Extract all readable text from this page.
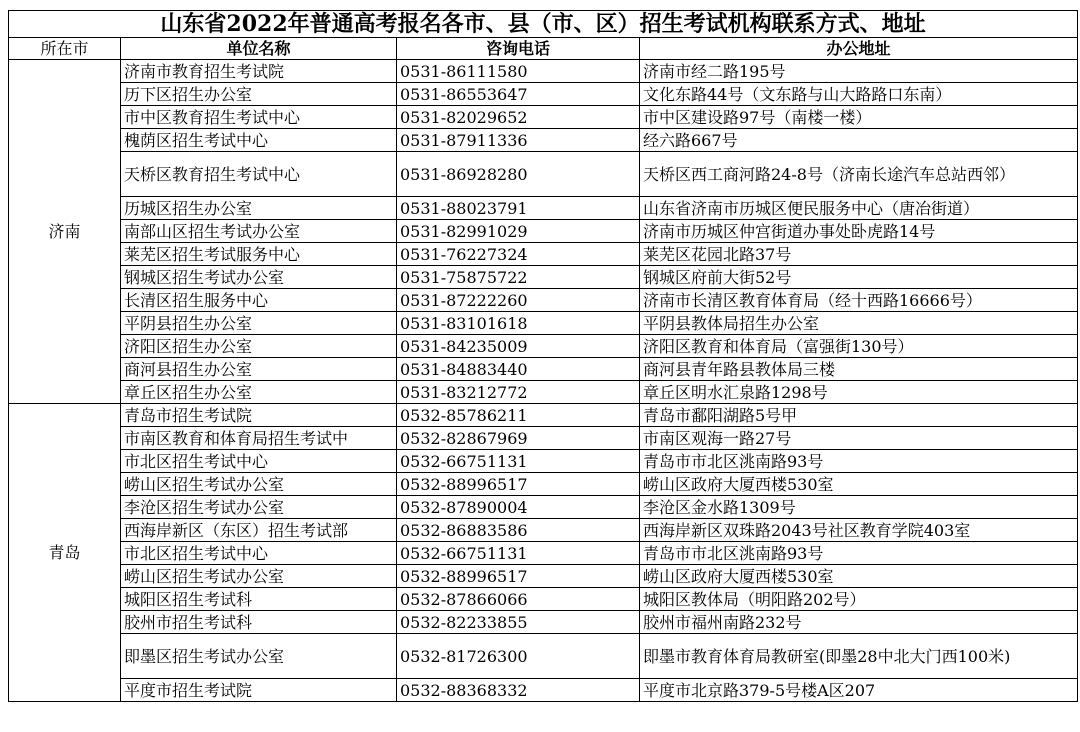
山东省2022年普通高考报名各市、县（市、区）招生考试机构联系方式、地址			
所在市	单位名称	咨询电话	办公地址
济南	济南市教育招生考试院	0531-86111580	济南市经二路195号
	历下区招生办公室	0531-86553647	文化东路44号（文东路与山大路路口东南）
	市中区教育招生考试中心	0531-82029652	市中区建设路97号（南楼一楼）
	槐荫区招生考试中心	0531-87911336	经六路667号
	天桥区教育招生考试中心	0531-86928280	天桥区西工商河路24-8号（济南长途汽车总站西邻）
	历城区招生办公室	0531-88023791	山东省济南市历城区便民服务中心（唐冶街道）
	南部山区招生考试办公室	0531-82991029	济南市历城区仲宫街道办事处卧虎路14号
	莱芜区招生考试服务中心	0531-76227324	莱芜区花园北路37号
	钢城区招生考试办公室	0531-75875722	钢城区府前大街52号
	长清区招生服务中心	0531-87222260	济南市长清区教育体育局（经十西路16666号）
	平阴县招生办公室	0531-83101618	平阴县教体局招生办公室
	济阳区招生办公室	0531-84235009	济阳区教育和体育局（富强街130号）
	商河县招生办公室	0531-84883440	商河县青年路县教体局三楼
	章丘区招生办公室	0531-83212772	章丘区明水汇泉路1298号
青岛	青岛市招生考试院	0532-85786211	青岛市鄱阳湖路5号甲
	市南区教育和体育局招生考试中	0532-82867969	市南区观海一路27号
	市北区招生考试中心	0532-66751131	青岛市市北区洮南路93号
	崂山区招生考试办公室	0532-88996517	崂山区政府大厦西楼530室
	李沧区招生考试办公室	0532-87890004	李沧区金水路1309号
	西海岸新区（东区）招生考试部	0532-86883586	西海岸新区双珠路2043号社区教育学院403室
	市北区招生考试中心	0532-66751131	青岛市市北区洮南路93号
	崂山区招生考试办公室	0532-88996517	崂山区政府大厦西楼530室
	城阳区招生考试科	0532-87866066	城阳区教体局（明阳路202号）
	胶州市招生考试科	0532-82233855	胶州市福州南路232号
	即墨区招生考试办公室	0532-81726300	即墨市教育体育局教研室(即墨28中北大门西100米)
	平度市招生考试院	0532-88368332	平度市北京路379-5号楼A区207
